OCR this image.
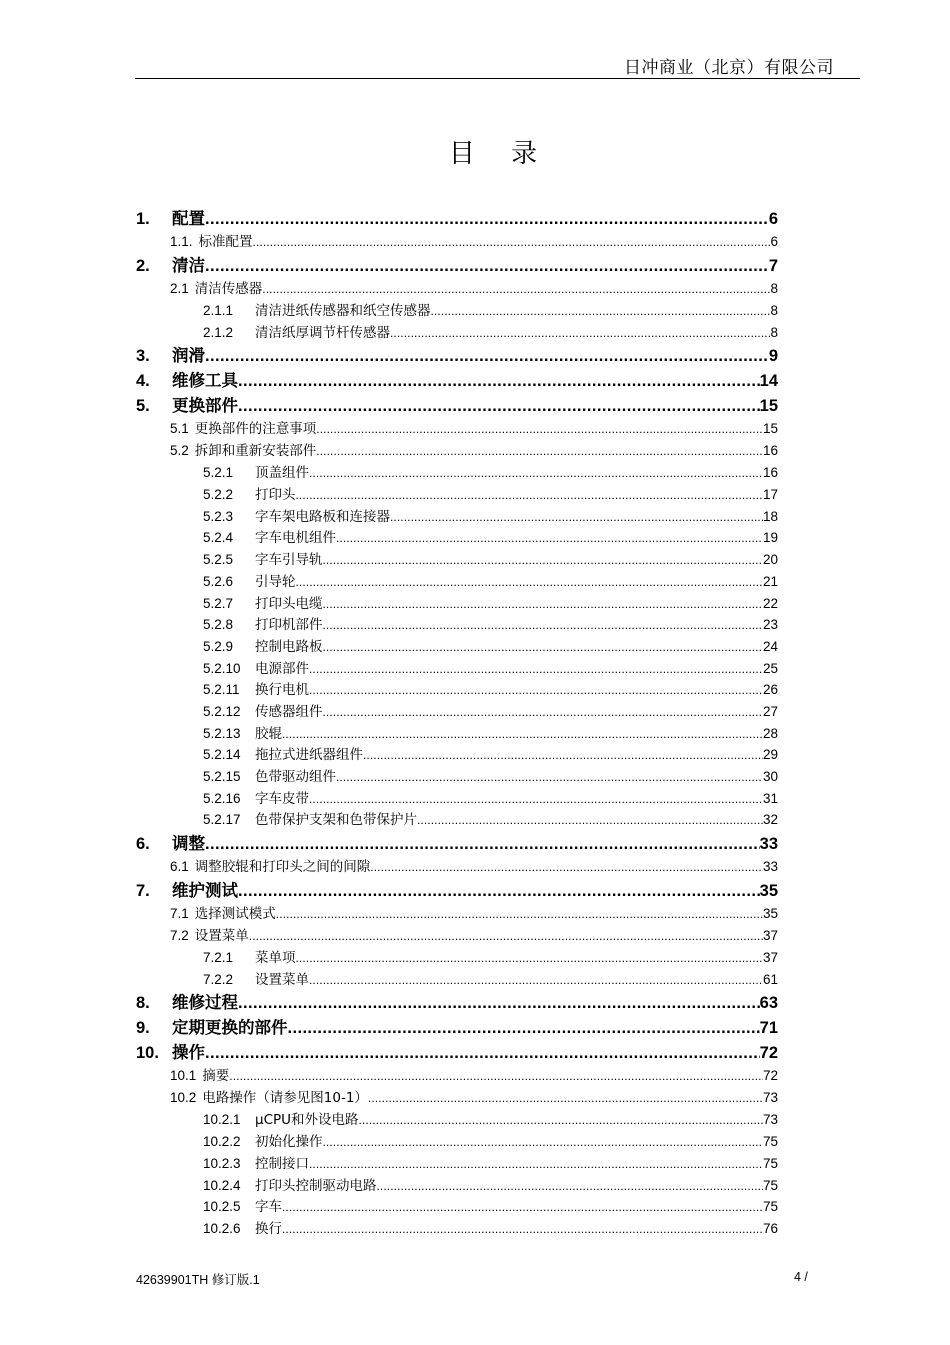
日冲商业（北京）有限公司
目 录
1.	配置 .....	6
1.1. 标准配置 .....	6
2.	清洁 .....	7
2.1 清洁传感器 .....	8
2.1.1	清洁进纸传感器和纸空传感器 .....	8
2.1.2	清洁纸厚调节杆传感器 .....	8
3.	润滑 .....	9
4.	维修工具 .....	14
5.	更换部件 .....	15
5.1 更换部件的注意事项 .....	15
5.2 拆卸和重新安装部件 .....	16
5.2.1	顶盖组件 .....	16
5.2.2	打印头 .....	17
5.2.3	字车架电路板和连接器 .....	18
5.2.4	字车电机组件 .....	19
5.2.5	字车引导轨 .....	20
5.2.6	引导轮 .....	21
5.2.7	打印头电缆 .....	22
5.2.8	打印机部件 .....	23
5.2.9	控制电路板 .....	24
5.2.10	电源部件 .....	25
5.2.11	换行电机 .....	26
5.2.12	传感器组件 .....	27
5.2.13	胶辊 .....	28
5.2.14	拖拉式进纸器组件 .....	29
5.2.15	色带驱动组件 .....	30
5.2.16	字车皮带 .....	31
5.2.17	色带保护支架和色带保护片 .....	32
6.	调整 .....	33
6.1 调整胶辊和打印头之间的间隙 .....	33
7.	维护测试 .....	35
7.1 选择测试模式 .....	35
7.2 设置菜单 .....	37
7.2.1	菜单项 .....	37
7.2.2	设置菜单 .....	61
8.	维修过程 .....	63
9.	定期更换的部件 .....	71
10. 操作 .....	72
10.1 摘要 .....	72
10.2 电路操作（请参见图10-1） .....	73
10.2.1	μCPU和外设电路 .....	73
10.2.2	初始化操作 .....	75
10.2.3	控制接口 .....	75
10.2.4	打印头控制驱动电路 .....	75
10.2.5	字车 .....	75
10.2.6	换行 .....	76
42639901TH 修订版.1	4 /
